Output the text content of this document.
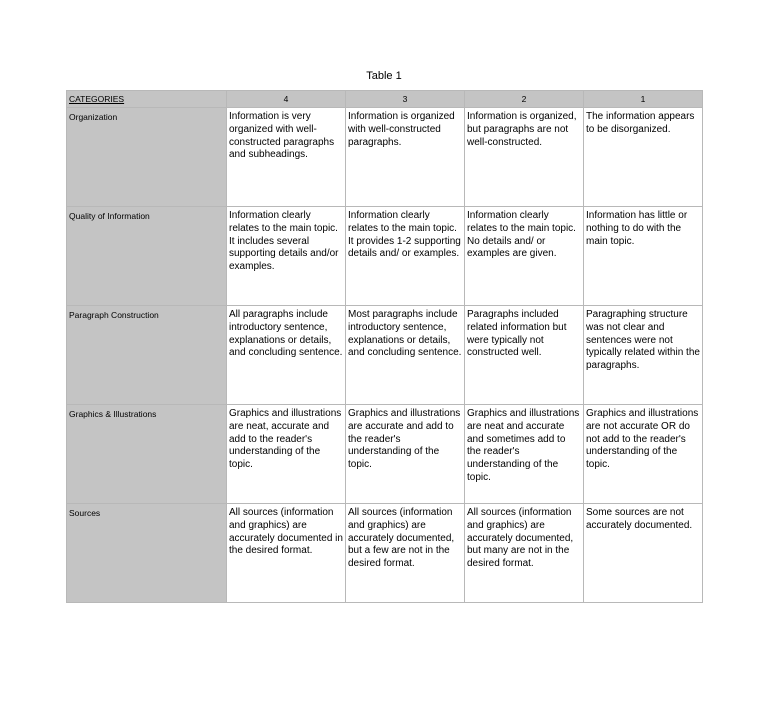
Table 1
CATEGORIES	4	3	2	1
Organization	Information is very organized with well-constructed paragraphs and subheadings.	Information is organized with well-constructed paragraphs.	Information is organized, but paragraphs are not well-constructed.	The information appears to be disorganized.
Quality of Information	Information clearly relates to the main topic. It includes several supporting details and/or examples.	Information clearly relates to the main topic. It provides 1-2 supporting details and/ or examples.	Information clearly relates to the main topic. No details and/ or examples are given.	Information has little or nothing to do with the main topic.
Paragraph Construction	All paragraphs include introductory sentence, explanations or details, and concluding sentence.	Most paragraphs include introductory sentence, explanations or details, and concluding sentence.	Paragraphs included related information but were typically not constructed well.	Paragraphing structure was not clear and sentences were not typically related within the paragraphs.
Graphics & Illustrations	Graphics and illustrations are neat, accurate and add to the reader's understanding of the topic.	Graphics and illustrations are accurate and add to the reader's understanding of the topic.	Graphics and illustrations are neat and accurate and sometimes add to the reader's understanding of the topic.	Graphics and illustrations are not accurate OR do not add to the reader's understanding of the topic.
Sources	All sources (information and graphics) are accurately documented in the desired format.	All sources (information and graphics) are accurately documented, but a few are not in the desired format.	All sources (information and graphics) are accurately documented, but many are not in the desired format.	Some sources are not accurately documented.
